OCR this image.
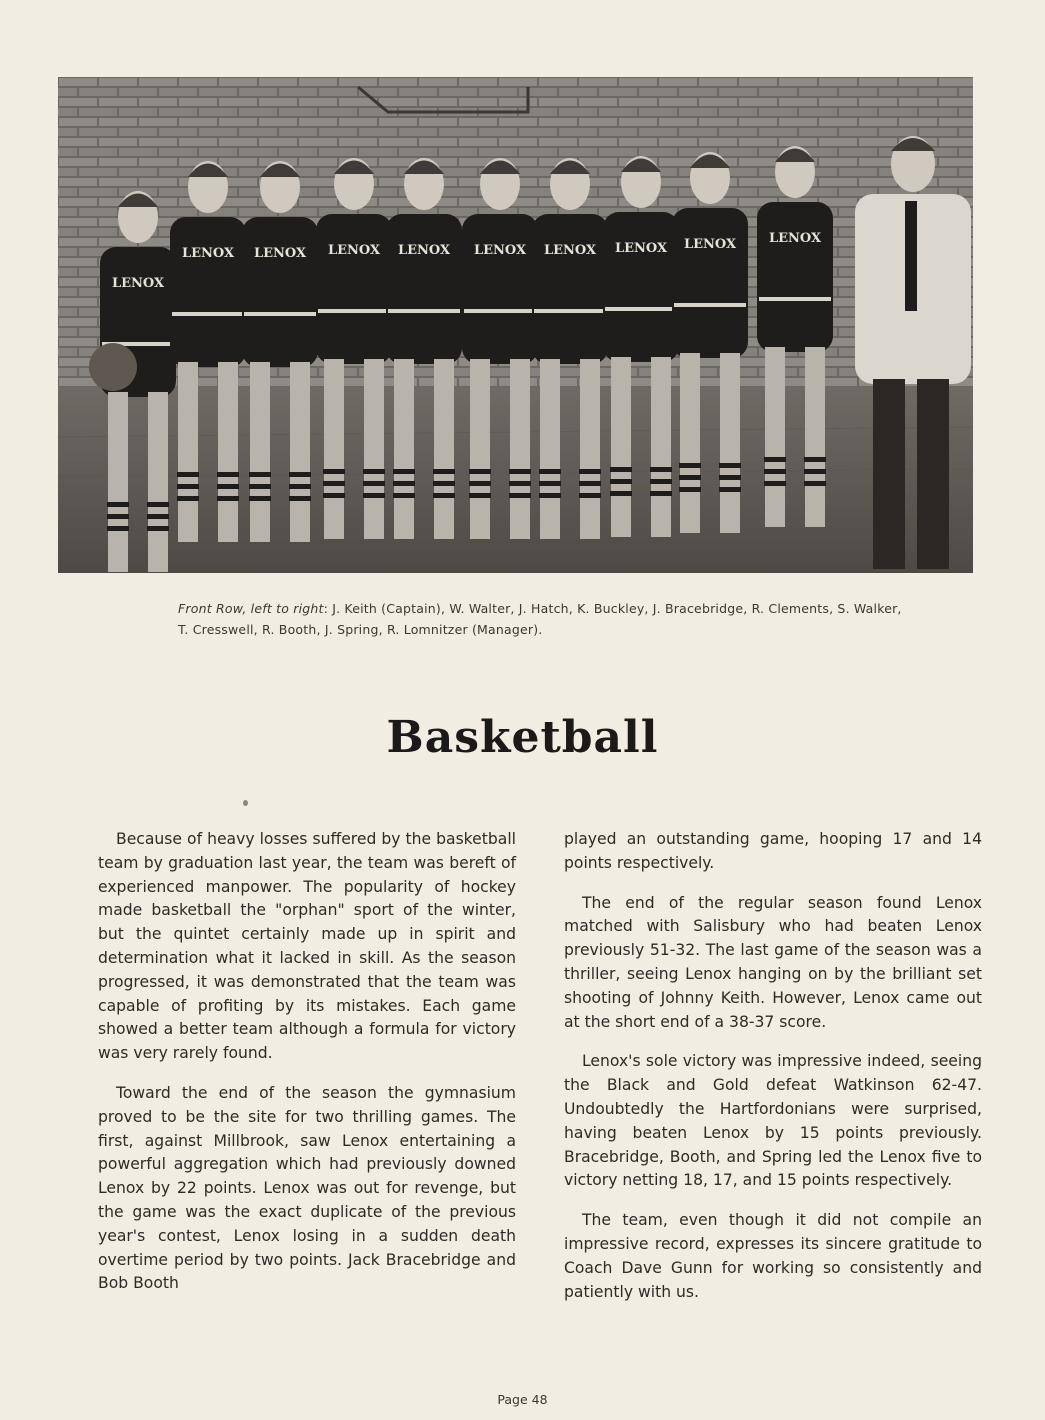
LENOX
LENOX LENOX LENOX LENOX LENOX LENOX LENOX LENOX	LENOX
Front Row, left to right: J. Keith (Captain), W. Walter, J. Hatch, K. Buckley, J. Bracebridge, R. Clements, S. Walker, T. Cresswell, R. Booth, J. Spring, R. Lomnitzer (Manager).
Basketball

Because of heavy losses suffered by the basketball team by graduation last year, the team was bereft of experienced manpower. The popularity of hockey made basketball the "orphan" sport of the winter, but the quintet certainly made up in spirit and determination what it lacked in skill. As the season progressed, it was demonstrated that the team was capable of profiting by its mistakes. Each game showed a better team although a formula for victory was very rarely found.

Toward the end of the season the gymnasium proved to be the site for two thrilling games. The first, against Millbrook, saw Lenox entertaining a powerful aggregation which had previously downed Lenox by 22 points. Lenox was out for revenge, but the game was the exact duplicate of the previous year's contest, Lenox losing in a sudden death overtime period by two points. Jack Bracebridge and Bob Booth

played an outstanding game, hooping 17 and 14 points respectively.

The end of the regular season found Lenox matched with Salisbury who had beaten Lenox previously 51-32. The last game of the season was a thriller, seeing Lenox hanging on by the brilliant set shooting of Johnny Keith. However, Lenox came out at the short end of a 38-37 score.

Lenox's sole victory was impressive indeed, seeing the Black and Gold defeat Watkinson 62-47. Undoubtedly the Hartfordonians were surprised, having beaten Lenox by 15 points previously. Bracebridge, Booth, and Spring led the Lenox five to victory netting 18, 17, and 15 points respectively.

The team, even though it did not compile an impressive record, expresses its sincere gratitude to Coach Dave Gunn for working so consistently and patiently with us.

Page 48
